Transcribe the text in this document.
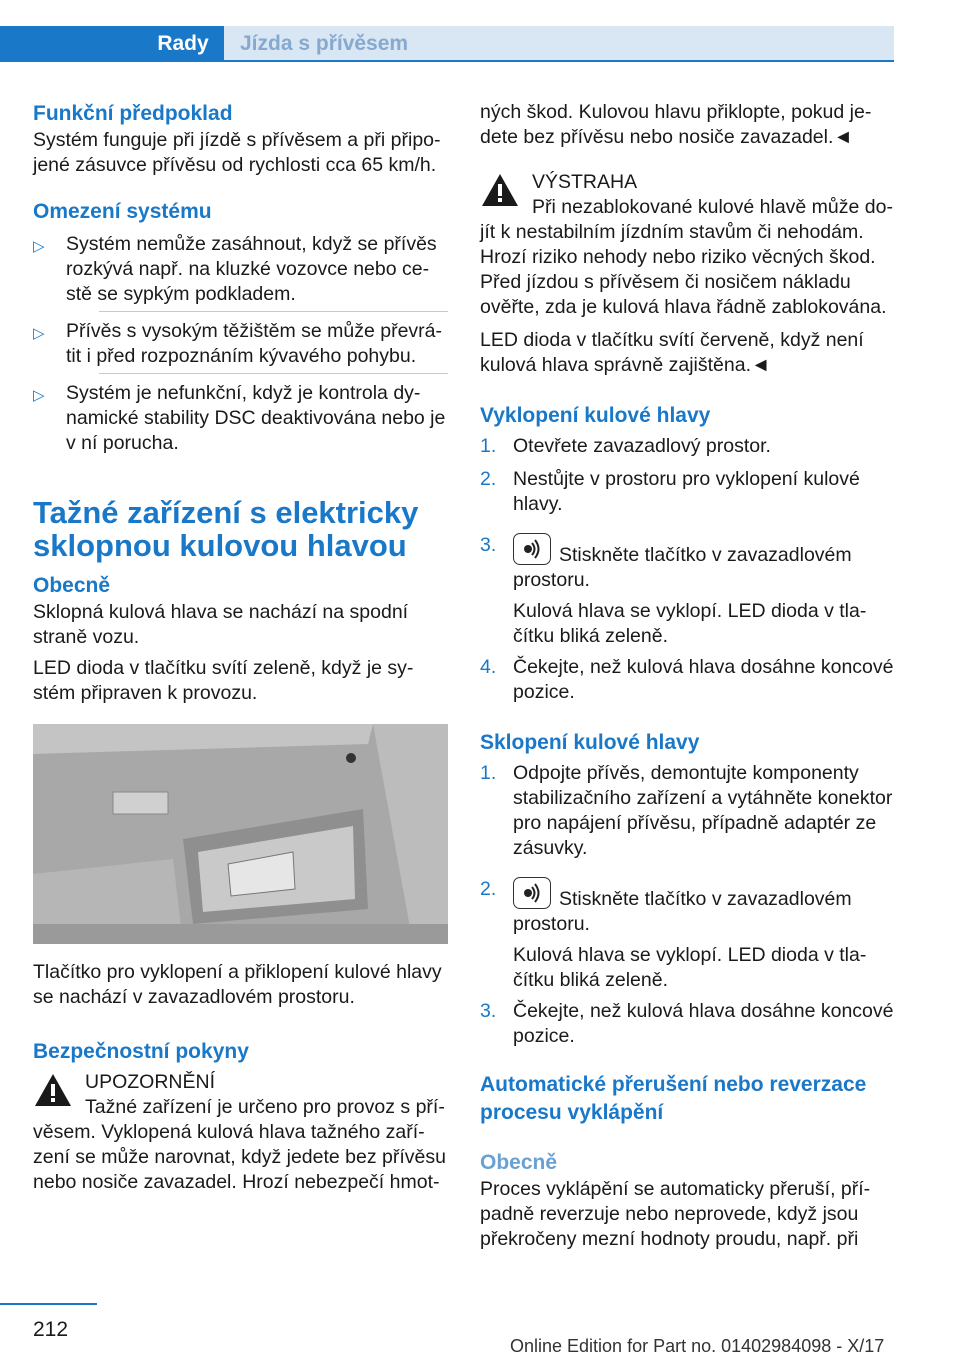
Rady	Jízda s přívěsem
Funkční předpoklad

Systém funguje při jízdě s přívěsem a při připojené zásuvce přívěsu od rychlosti cca 65 km/h.

Omezení systému
▷ Systém nemůže zasáhnout, když se přívěs rozkývá např. na kluzké vozovce nebo cestě se sypkým podkladem.
▷ Přívěs s vysokým těžištěm se může převrátit i před rozpoznáním kývavého pohybu.
▷ Systém je nefunkční, když je kontrola dynamické stability DSC deaktivována nebo je v ní porucha.
Tažné zařízení s elektricky sklopnou kulovou hlavou
Obecně

Sklopná kulová hlava se nachází na spodní straně vozu.

LED dioda v tlačítku svítí zeleně, když je systém připraven k provozu.

Tlačítko pro vyklopení a přiklopení kulové hlavy se nachází v zavazadlovém prostoru.

Bezpečnostní pokyny

UPOZORNĚNÍ

Tažné zařízení je určeno pro provoz s přívěsem. Vyklopená kulová hlava tažného zařízení se může narovnat, když jedete bez přívěsu nebo nosiče zavazadel. Hrozí nebezpečí hmot-

ných škod. Kulovou hlavu přiklopte, pokud jedete bez přívěsu nebo nosiče zavazadel.◄

VÝSTRAHA

Při nezablokované kulové hlavě může dojít k nestabilním jízdním stavům či nehodám. Hrozí riziko nehody nebo riziko věcných škod. Před jízdou s přívěsem či nosičem nákladu ověřte, zda je kulová hlava řádně zablokována.

LED dioda v tlačítku svítí červeně, když není kulová hlava správně zajištěna.◄

Vyklopení kulové hlavy
1. Otevřete zavazadlový prostor.
2. Nestůjte v prostoru pro vyklopení kulové hlavy.
3.	Stiskněte tlačítko v zavazadlovém prostoru.
Kulová hlava se vyklopí. LED dioda v tlačítku bliká zeleně.
4. Čekejte, než kulová hlava dosáhne koncové pozice.
Sklopení kulové hlavy
1. Odpojte přívěs, demontujte komponenty stabilizačního zařízení a vytáhněte konektor pro napájení přívěsu, případně adaptér ze zásuvky.
2.	Stiskněte tlačítko v zavazadlovém prostoru.
Kulová hlava se vyklopí. LED dioda v tlačítku bliká zeleně.
3. Čekejte, než kulová hlava dosáhne koncové pozice.
Automatické přerušení nebo reverzace procesu vyklápění
Obecně

Proces vyklápění se automaticky přeruší, případně reverzuje nebo neprovede, když jsou překročeny mezní hodnoty proudu, např. při

212
Online Edition for Part no. 01402984098 - X/17
